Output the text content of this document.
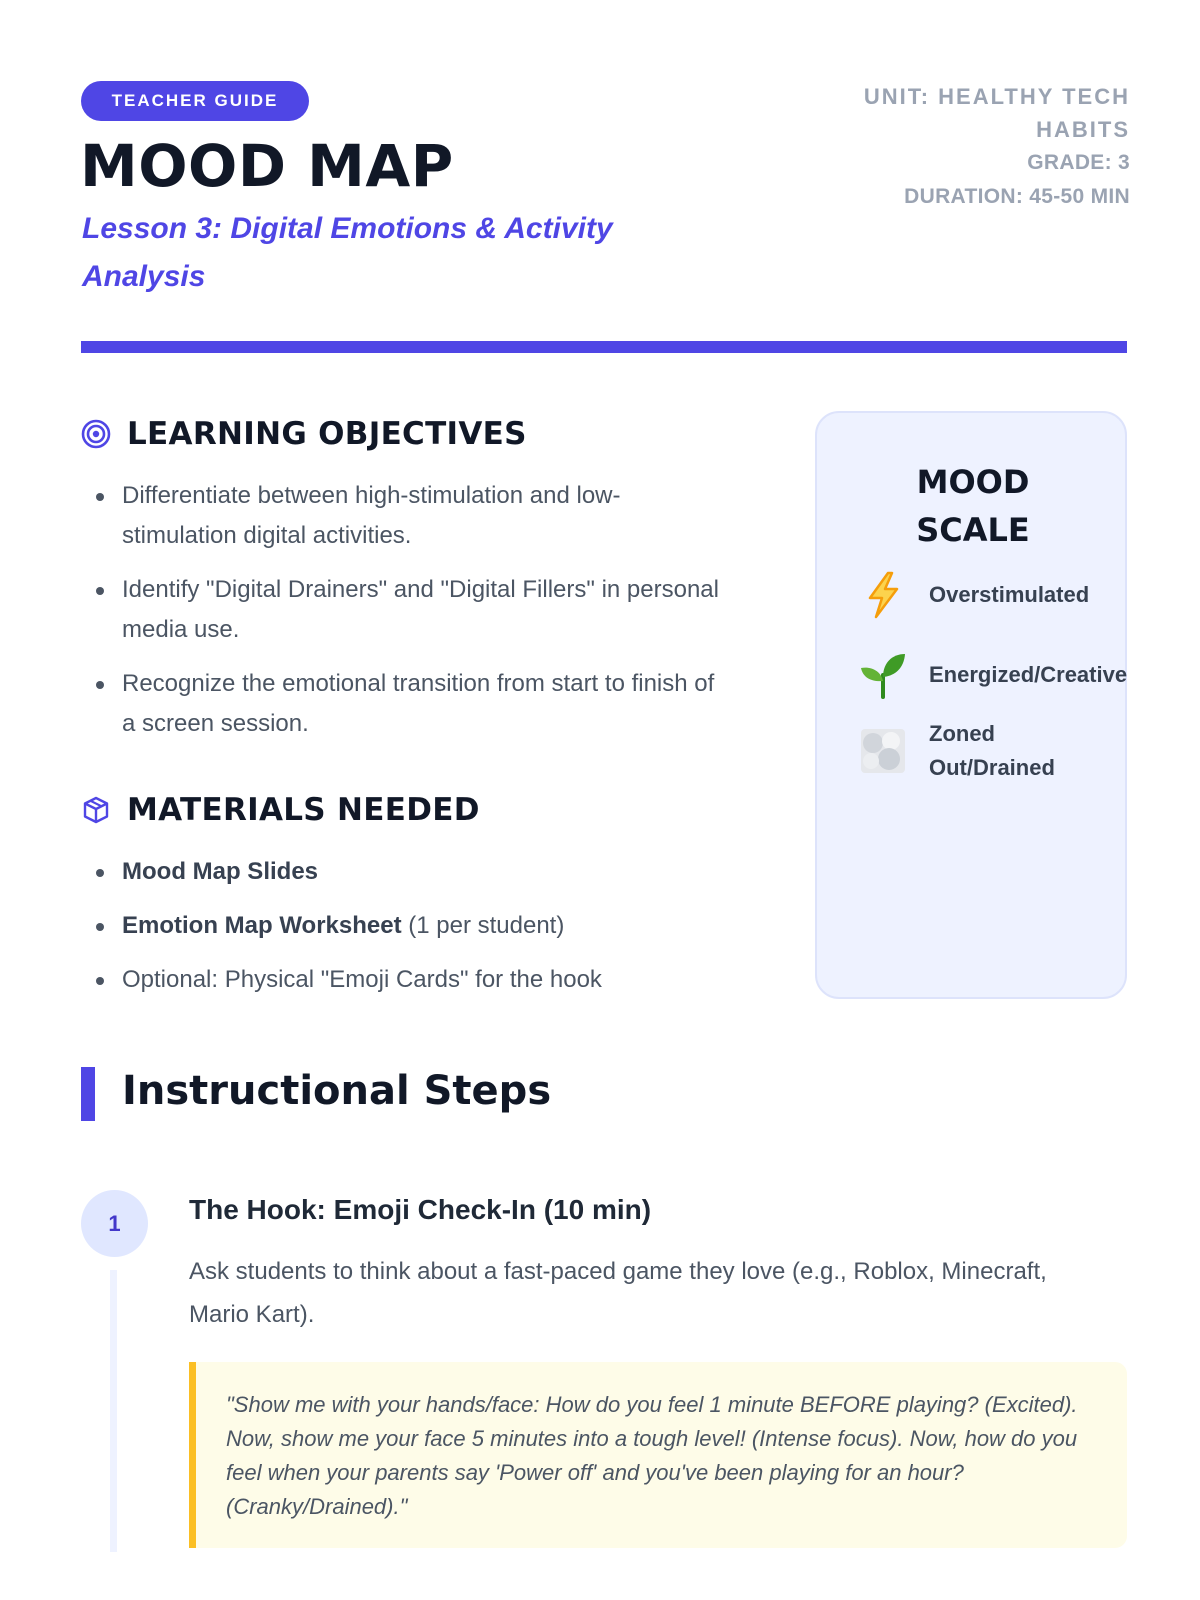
TEACHER GUIDE
MOOD MAP
Lesson 3: Digital Emotions & Activity Analysis
UNIT: HEALTHY TECH HABITS
GRADE: 3
DURATION: 45-50 MIN
LEARNING OBJECTIVES
Differentiate between high-stimulation and low-stimulation digital activities.
Identify "Digital Drainers" and "Digital Fillers" in personal media use.
Recognize the emotional transition from start to finish of a screen session.
MATERIALS NEEDED
Mood Map Slides
Emotion Map Worksheet (1 per student)
Optional: Physical "Emoji Cards" for the hook
MOOD
SCALE
Overstimulated
Energized/Creative
Zoned Out/Drained
Instructional Steps
1	The Hook: Emoji Check-In (10 min)
Ask students to think about a fast-paced game they love (e.g., Roblox, Minecraft, Mario Kart).
"Show me with your hands/face: How do you feel 1 minute BEFORE playing? (Excited). Now, show me your face 5 minutes into a tough level! (Intense focus). Now, how do you feel when your parents say 'Power off' and you've been playing for an hour? (Cranky/Drained)."
